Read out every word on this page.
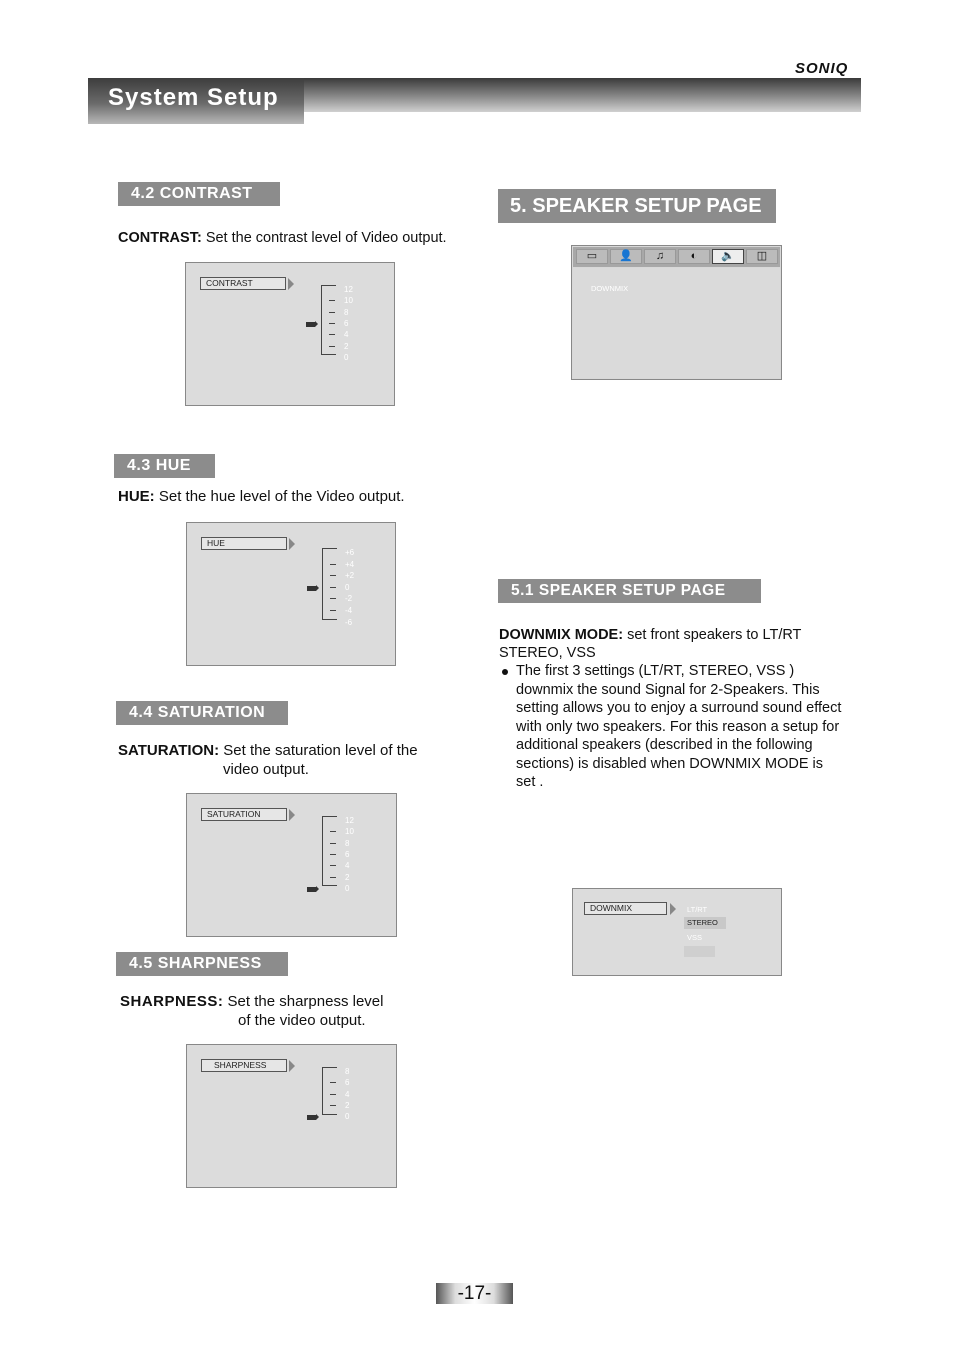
SONIQ
System Setup
4.2 CONTRAST
CONTRAST: Set the contrast level of Video output.
CONTRAST
12
10
8
6
4
2
0
4.3 HUE
HUE: Set the hue level of the Video output.
HUE
+6
+4
+2
0
-2
-4
-6
4.4 SATURATION
SATURATION: Set the saturation level of the
video output.
SATURATION
12
10
8
6
4
2
0
4.5 SHARPNESS
SHARPNESS: Set the sharpness level
of the video output.
SHARPNESS
8
6
4
2
0
5. SPEAKER SETUP PAGE
▭	👤	♫	◐	🔈	◫
DOWNMIX
5.1 SPEAKER SETUP PAGE
DOWNMIX MODE: set front speakers to LT/RT
STEREO, VSS
The first 3 settings (LT/RT, STEREO, VSS )
downmix the sound Signal for 2-Speakers. This
setting allows you to enjoy a surround sound effect
with only two speakers. For this reason a setup for
additional speakers (described in the following
sections) is disabled when DOWNMIX MODE is
set .
DOWNMIX	LT/RT
STEREO
VSS
-17-
